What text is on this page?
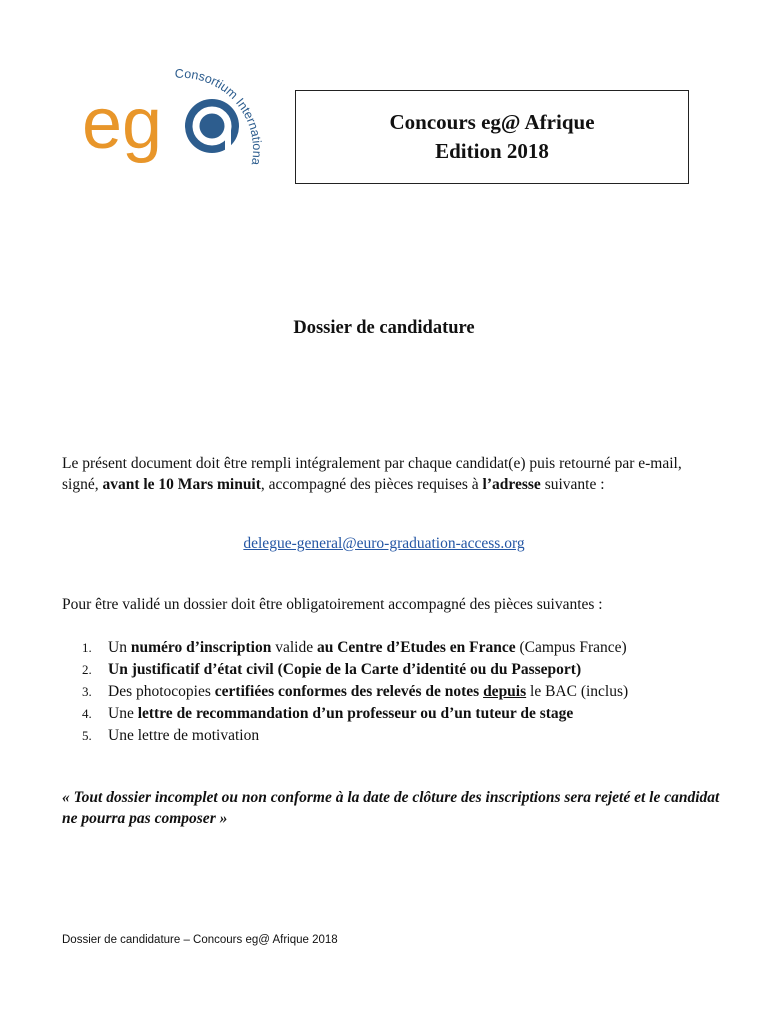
eg
Consortium Internationa
Concours eg@ Afrique
Edition 2018
Dossier de candidature
Le présent document doit être rempli intégralement par chaque candidat(e) puis retourné par e-mail, signé, avant le 10 Mars minuit, accompagné des pièces requises à l’adresse suivante :
delegue-general@euro-graduation-access.org
Pour être validé un dossier doit être obligatoirement accompagné des pièces suivantes :
1. Un numéro d’inscription valide au Centre d’Etudes en France (Campus France)
2. Un justificatif d’état civil (Copie de la Carte d’identité ou du Passeport)
3. Des photocopies certifiées conformes des relevés de notes depuis le BAC (inclus)
4. Une lettre de recommandation d’un professeur ou d’un tuteur de stage
5. Une lettre de motivation
« Tout dossier incomplet ou non conforme à la date de clôture des inscriptions sera rejeté et le candidat ne pourra pas composer »
Dossier de candidature – Concours eg@ Afrique 2018
